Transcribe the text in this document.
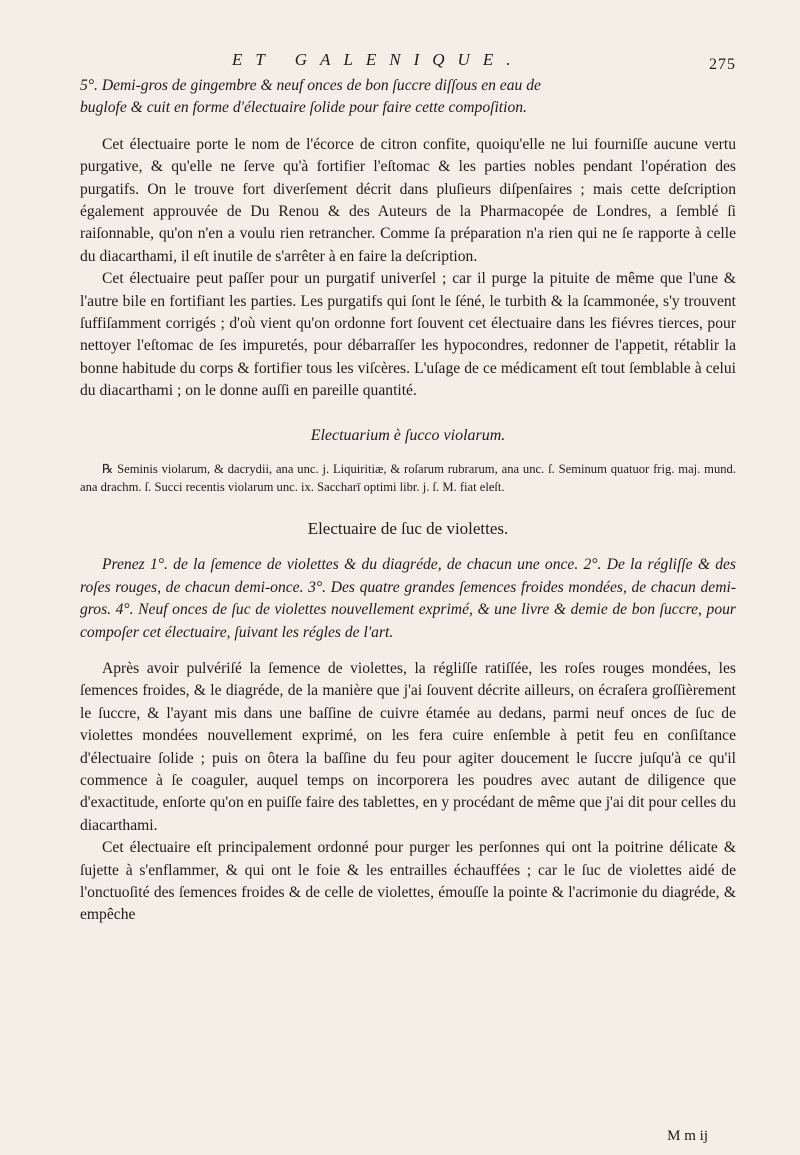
ET GALENIQUE.	275

5°. Demi-gros de gingembre & neuf onces de bon ſuccre diſſous en eau de

buglofe & cuit en forme d'électuaire ſolide pour faire cette compoſition.

Cet électuaire porte le nom de l'écorce de citron confite, quoiqu'elle ne lui fourniſſe aucune vertu purgative, & qu'elle ne ſerve qu'à fortifier l'eſtomac & les parties nobles pendant l'opération des purgatifs. On le trouve fort diverſement décrit dans pluſieurs diſpenſaires ; mais cette deſcription également approuvée de Du Renou & des Auteurs de la Pharmacopée de Londres, a ſemblé ſi raiſonnable, qu'on n'en a voulu rien retrancher. Comme ſa préparation n'a rien qui ne ſe rapporte à celle du diacarthami, il eſt inutile de s'arrêter à en faire la deſcription.

Cet électuaire peut paſſer pour un purgatif univerſel ; car il purge la pituite de même que l'une & l'autre bile en fortifiant les parties. Les purgatifs qui ſont le ſéné, le turbith & la ſcammonée, s'y trouvent ſuffiſamment corrigés ; d'où vient qu'on ordonne fort ſouvent cet électuaire dans les fiévres tierces, pour nettoyer l'eſtomac de ſes impuretés, pour débarraſſer les hypocondres, redonner de l'appetit, rétablir la bonne habitude du corps & fortifier tous les viſcères. L'uſage de ce médicament eſt tout ſemblable à celui du diacarthami ; on le donne auſſi en pareille quantité.

Electuarium è ſucco violarum.

℞ Seminis violarum, & dacrydii, ana unc. j. Liquiritiæ, & roſarum rubrarum, ana unc. ſ. Seminum quatuor frig. maj. mund. ana drachm. ſ. Succi recentis violarum unc. ix. Saccharī optimi libr. j. ſ. M. fiat eleſt.

Electuaire de ſuc de violettes.

Prenez 1°. de la ſemence de violettes & du diagréde, de chacun une once. 2°. De la régliſſe & des roſes rouges, de chacun demi-once. 3°. Des quatre grandes ſemences froides mondées, de chacun demi-gros. 4°. Neuf onces de ſuc de violettes nouvellement exprimé, & une livre & demie de bon ſuccre, pour compoſer cet électuaire, ſuivant les régles de l'art.

Après avoir pulvériſé la ſemence de violettes, la régliſſe ratiſſée, les roſes rouges mondées, les ſemences froides, & le diagréde, de la manière que j'ai ſouvent décrite ailleurs, on écraſera groſſièrement le ſuccre, & l'ayant mis dans une baſſine de cuivre étamée au dedans, parmi neuf onces de ſuc de violettes mondées nouvellement exprimé, on les fera cuire enſemble à petit feu en conſiſtance d'électuaire ſolide ; puis on ôtera la baſſine du feu pour agiter doucement le ſuccre juſqu'à ce qu'il commence à ſe coaguler, auquel temps on incorporera les poudres avec autant de diligence que d'exactitude, enſorte qu'on en puiſſe faire des tablettes, en y procédant de même que j'ai dit pour celles du diacarthami.

Cet électuaire eſt principalement ordonné pour purger les perſonnes qui ont la poitrine délicate & ſujette à s'enflammer, & qui ont le foie & les entrailles échauffées ; car le ſuc de violettes aidé de l'onctuoſité des ſemences froides & de celle de violettes, émouſſe la pointe & l'acrimonie du diagréde, & empêche

M m ij
